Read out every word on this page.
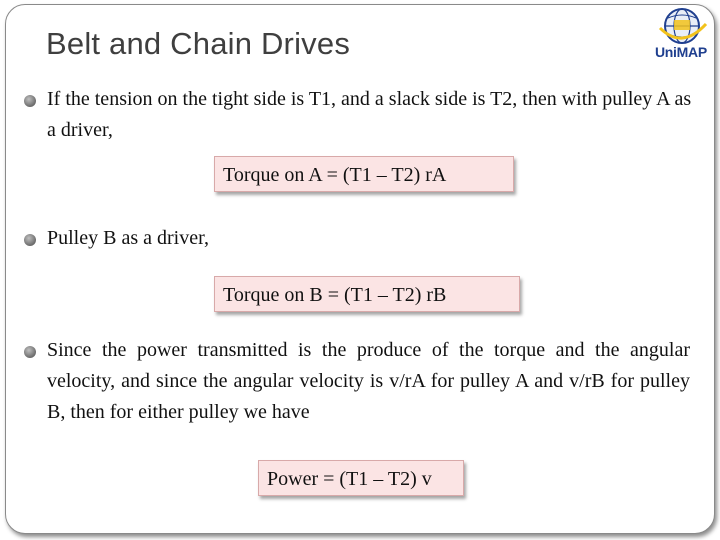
Belt and Chain Drives	UniMAP
If the tension on the tight side is T1, and a slack side is T2, then with pulley A as a driver,
Torque on A = (T1 – T2) rA
Pulley B as a driver,
Torque on B = (T1 – T2) rB
Since the power transmitted is the produce of the torque and the angular velocity, and since the angular velocity is v/rA for pulley A and v/rB for pulley B, then for either pulley we have
Power = (T1 – T2) v
